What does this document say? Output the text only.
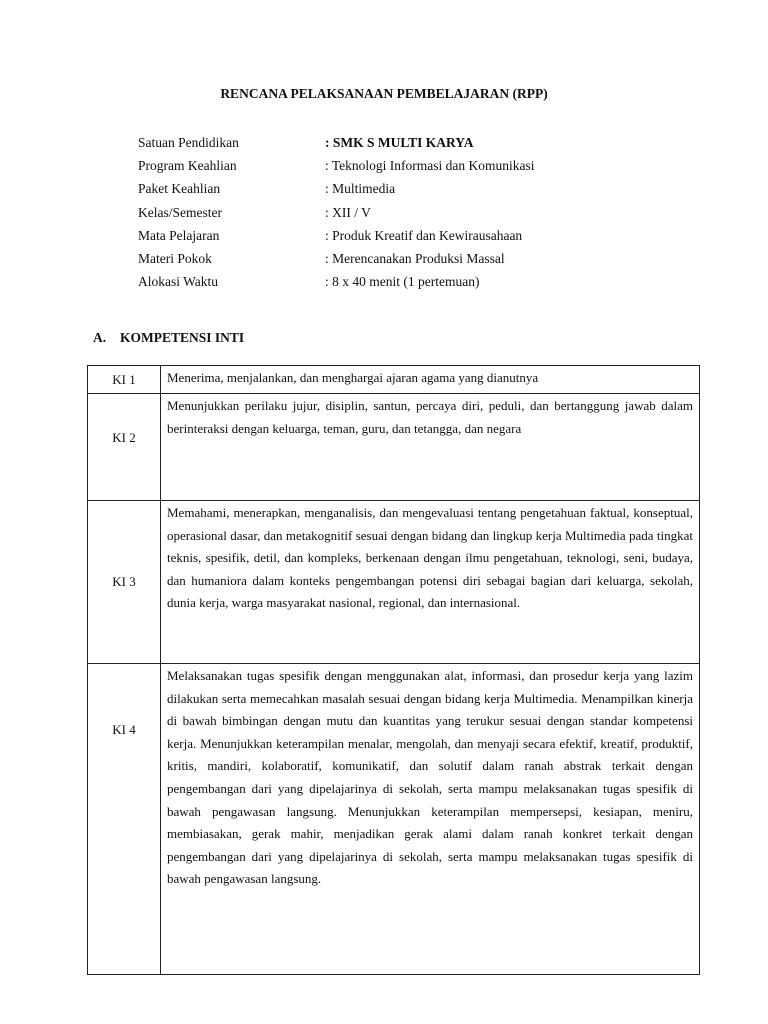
RENCANA PELAKSANAAN PEMBELAJARAN (RPP)
Satuan Pendidikan	: SMK S MULTI KARYA
Program Keahlian	: Teknologi Informasi dan Komunikasi
Paket Keahlian	: Multimedia
Kelas/Semester	: XII / V
Mata Pelajaran	: Produk Kreatif dan Kewirausahaan
Materi Pokok	: Merencanakan Produksi Massal
Alokasi Waktu	: 8 x 40 menit (1 pertemuan)
A. KOMPETENSI INTI
KI 1	Menerima, menjalankan, dan menghargai ajaran agama yang dianutnya
KI 2	Menunjukkan perilaku jujur, disiplin, santun, percaya diri, peduli, dan bertanggung jawab dalam berinteraksi dengan keluarga, teman, guru, dan tetangga, dan negara
KI 3	Memahami, menerapkan, menganalisis, dan mengevaluasi tentang pengetahuan faktual, konseptual, operasional dasar, dan metakognitif sesuai dengan bidang dan lingkup kerja Multimedia pada tingkat teknis, spesifik, detil, dan kompleks, berkenaan dengan ilmu pengetahuan, teknologi, seni, budaya, dan humaniora dalam konteks pengembangan potensi diri sebagai bagian dari keluarga, sekolah, dunia kerja, warga masyarakat nasional, regional, dan internasional.
KI 4	Melaksanakan tugas spesifik dengan menggunakan alat, informasi, dan prosedur kerja yang lazim dilakukan serta memecahkan masalah sesuai dengan bidang kerja Multimedia. Menampilkan kinerja di bawah bimbingan dengan mutu dan kuantitas yang terukur sesuai dengan standar kompetensi kerja. Menunjukkan keterampilan menalar, mengolah, dan menyaji secara efektif, kreatif, produktif, kritis, mandiri, kolaboratif, komunikatif, dan solutif dalam ranah abstrak terkait dengan pengembangan dari yang dipelajarinya di sekolah, serta mampu melaksanakan tugas spesifik di bawah pengawasan langsung. Menunjukkan keterampilan mempersepsi, kesiapan, meniru, membiasakan, gerak mahir, menjadikan gerak alami dalam ranah konkret terkait dengan pengembangan dari yang dipelajarinya di sekolah, serta mampu melaksanakan tugas spesifik di bawah pengawasan langsung.
